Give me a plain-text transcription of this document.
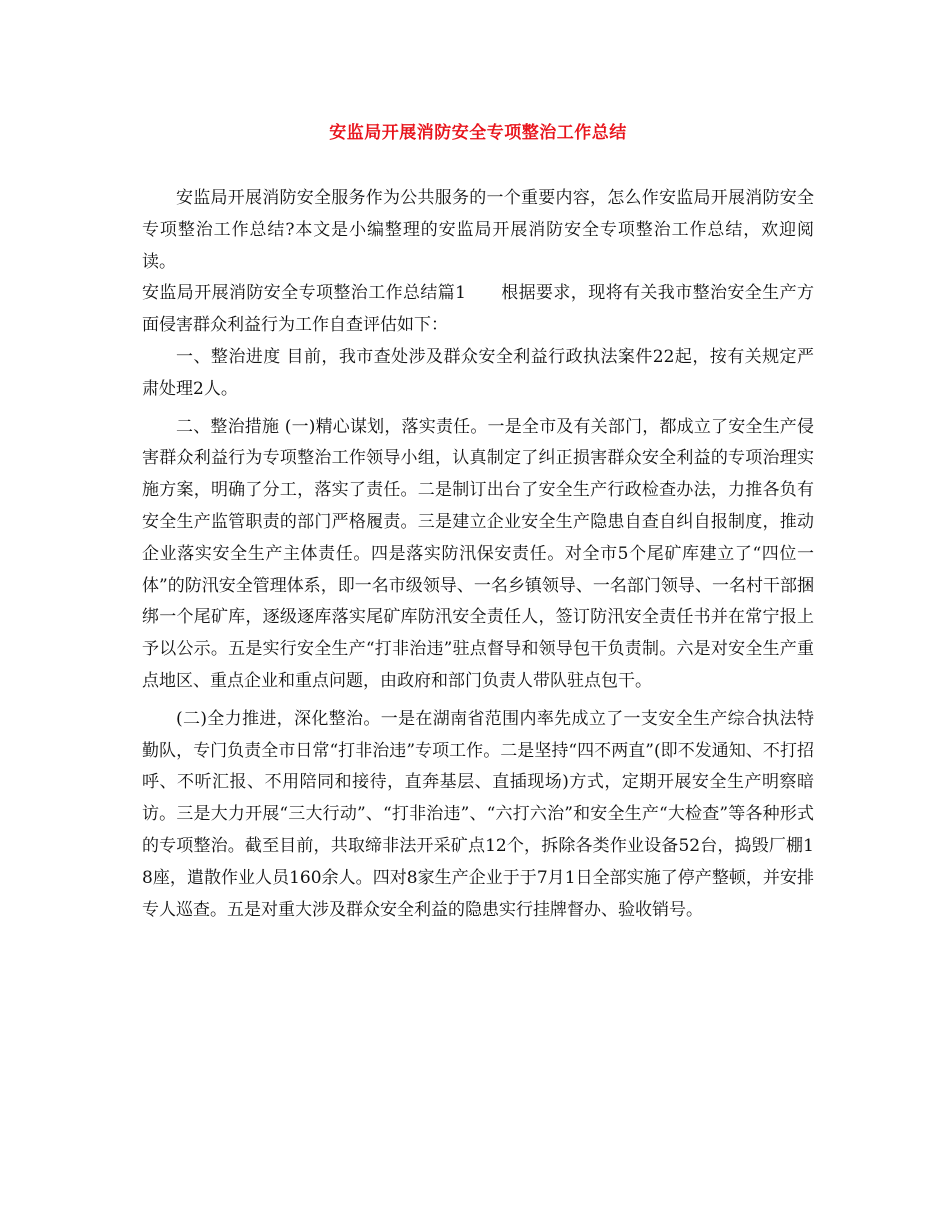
安监局开展消防安全专项整治工作总结

安监局开展消防安全服务作为公共服务的一个重要内容，怎么作安监局开展消防安全专项整治工作总结?本文是小编整理的安监局开展消防安全专项整治工作总结，欢迎阅读。

安监局开展消防安全专项整治工作总结篇1　　根据要求，现将有关我市整治安全生产方面侵害群众利益行为工作自查评估如下：

一、整治进度 目前，我市查处涉及群众安全利益行政执法案件22起，按有关规定严肃处理2人。

二、整治措施 (一)精心谋划，落实责任。一是全市及有关部门，都成立了安全生产侵害群众利益行为专项整治工作领导小组，认真制定了纠正损害群众安全利益的专项治理实施方案，明确了分工，落实了责任。二是制订出台了安全生产行政检查办法，力推各负有安全生产监管职责的部门严格履责。三是建立企业安全生产隐患自查自纠自报制度，推动企业落实安全生产主体责任。四是落实防汛保安责任。对全市5个尾矿库建立了“四位一体”的防汛安全管理体系，即一名市级领导、一名乡镇领导、一名部门领导、一名村干部捆绑一个尾矿库，逐级逐库落实尾矿库防汛安全责任人，签订防汛安全责任书并在常宁报上予以公示。五是实行安全生产“打非治违”驻点督导和领导包干负责制。六是对安全生产重点地区、重点企业和重点问题，由政府和部门负责人带队驻点包干。

(二)全力推进，深化整治。一是在湖南省范围内率先成立了一支安全生产综合执法特勤队，专门负责全市日常“打非治违”专项工作。二是坚持“四不两直”(即不发通知、不打招呼、不听汇报、不用陪同和接待，直奔基层、直插现场)方式，定期开展安全生产明察暗访。三是大力开展“三大行动”、“打非治违”、“六打六治”和安全生产“大检查”等各种形式的专项整治。截至目前，共取缔非法开采矿点12个，拆除各类作业设备52台，捣毁厂棚18座，遣散作业人员160余人。四对8家生产企业于于7月1日全部实施了停产整顿，并安排专人巡查。五是对重大涉及群众安全利益的隐患实行挂牌督办、验收销号。
